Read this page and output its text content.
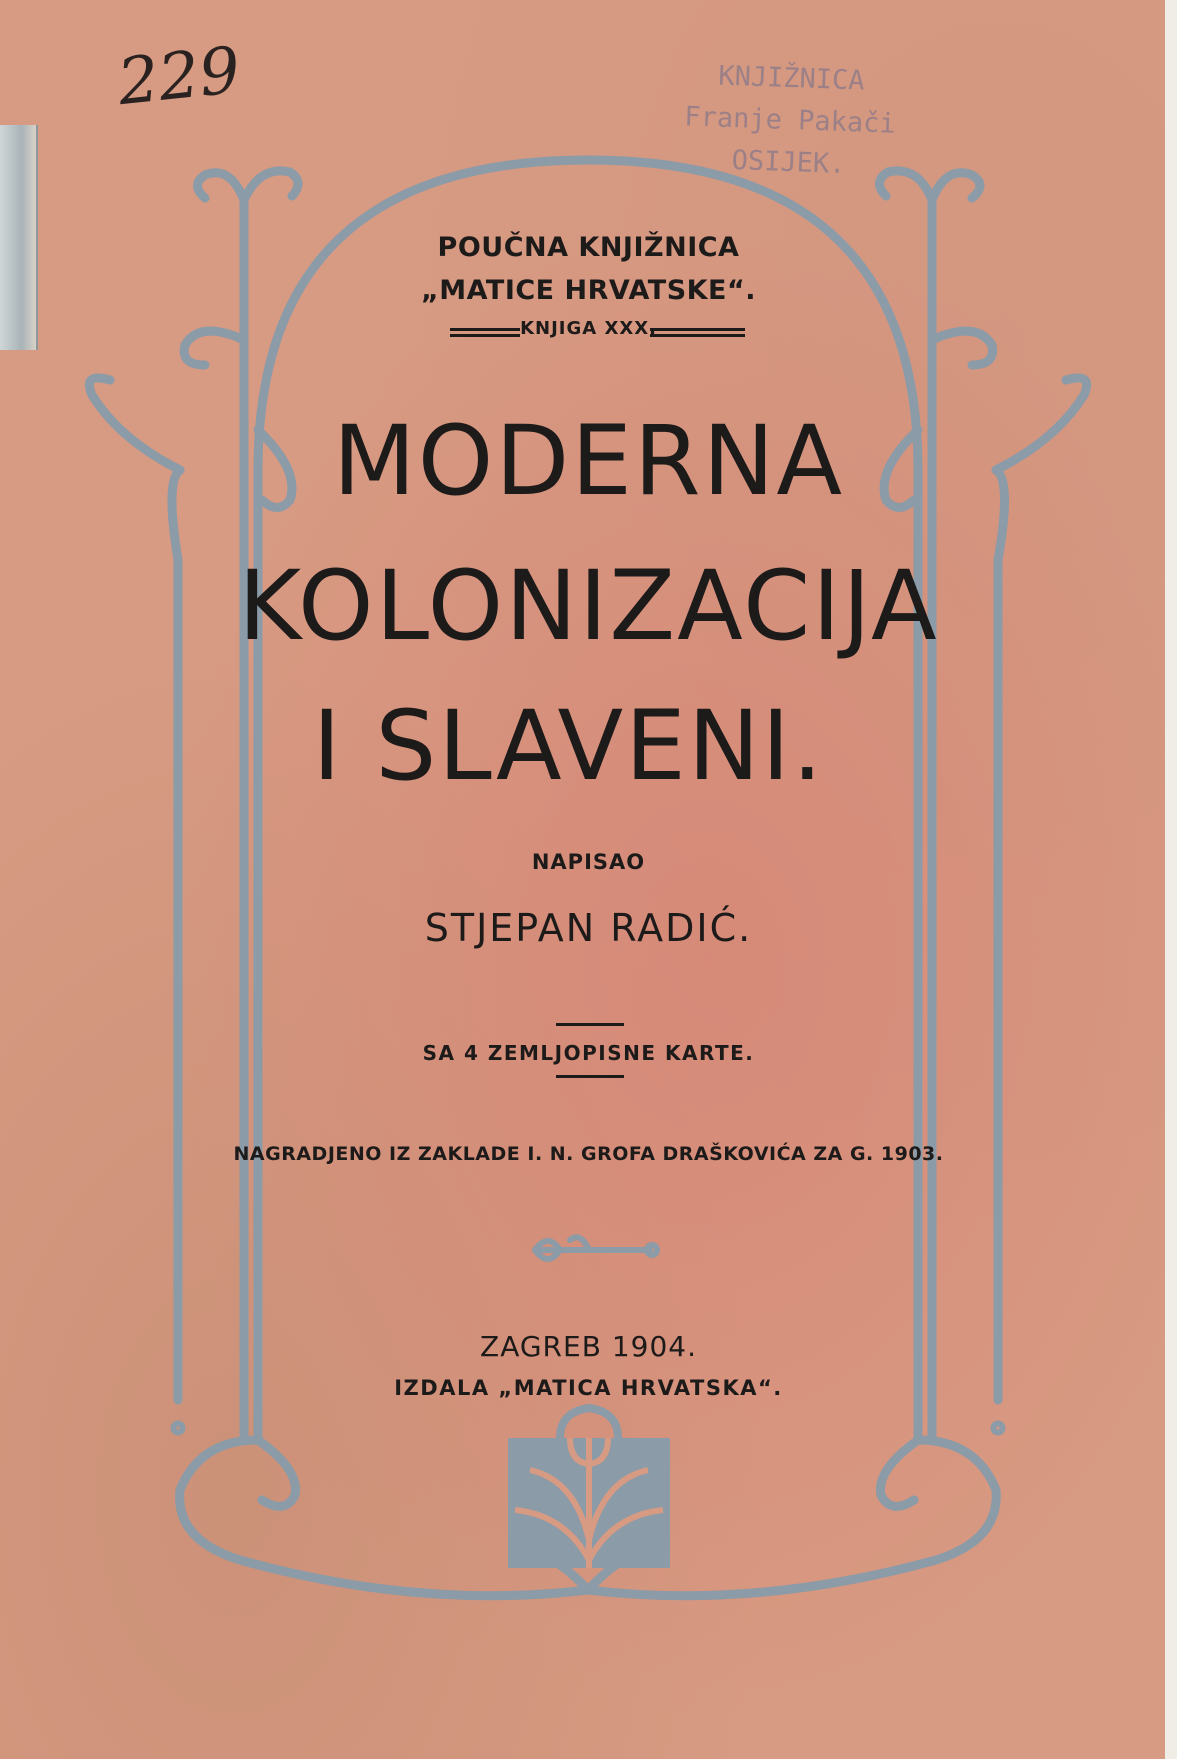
229	KNJIŽNICA
Franje Pakači
OSIJEK.
POUČNA KNJIŽNICA
„MATICE HRVATSKE“.
KNJIGA XXX.
MODERNA
KOLONIZACIJA
I SLAVENI.
NAPISAO
STJEPAN RADIĆ.
SA 4 ZEMLJOPISNE KARTE.
NAGRADJENO IZ ZAKLADE I. N. GROFA DRAŠKOVIĆA ZA G. 1903.
ZAGREB 1904.
IZDALA „MATICA HRVATSKA“.
